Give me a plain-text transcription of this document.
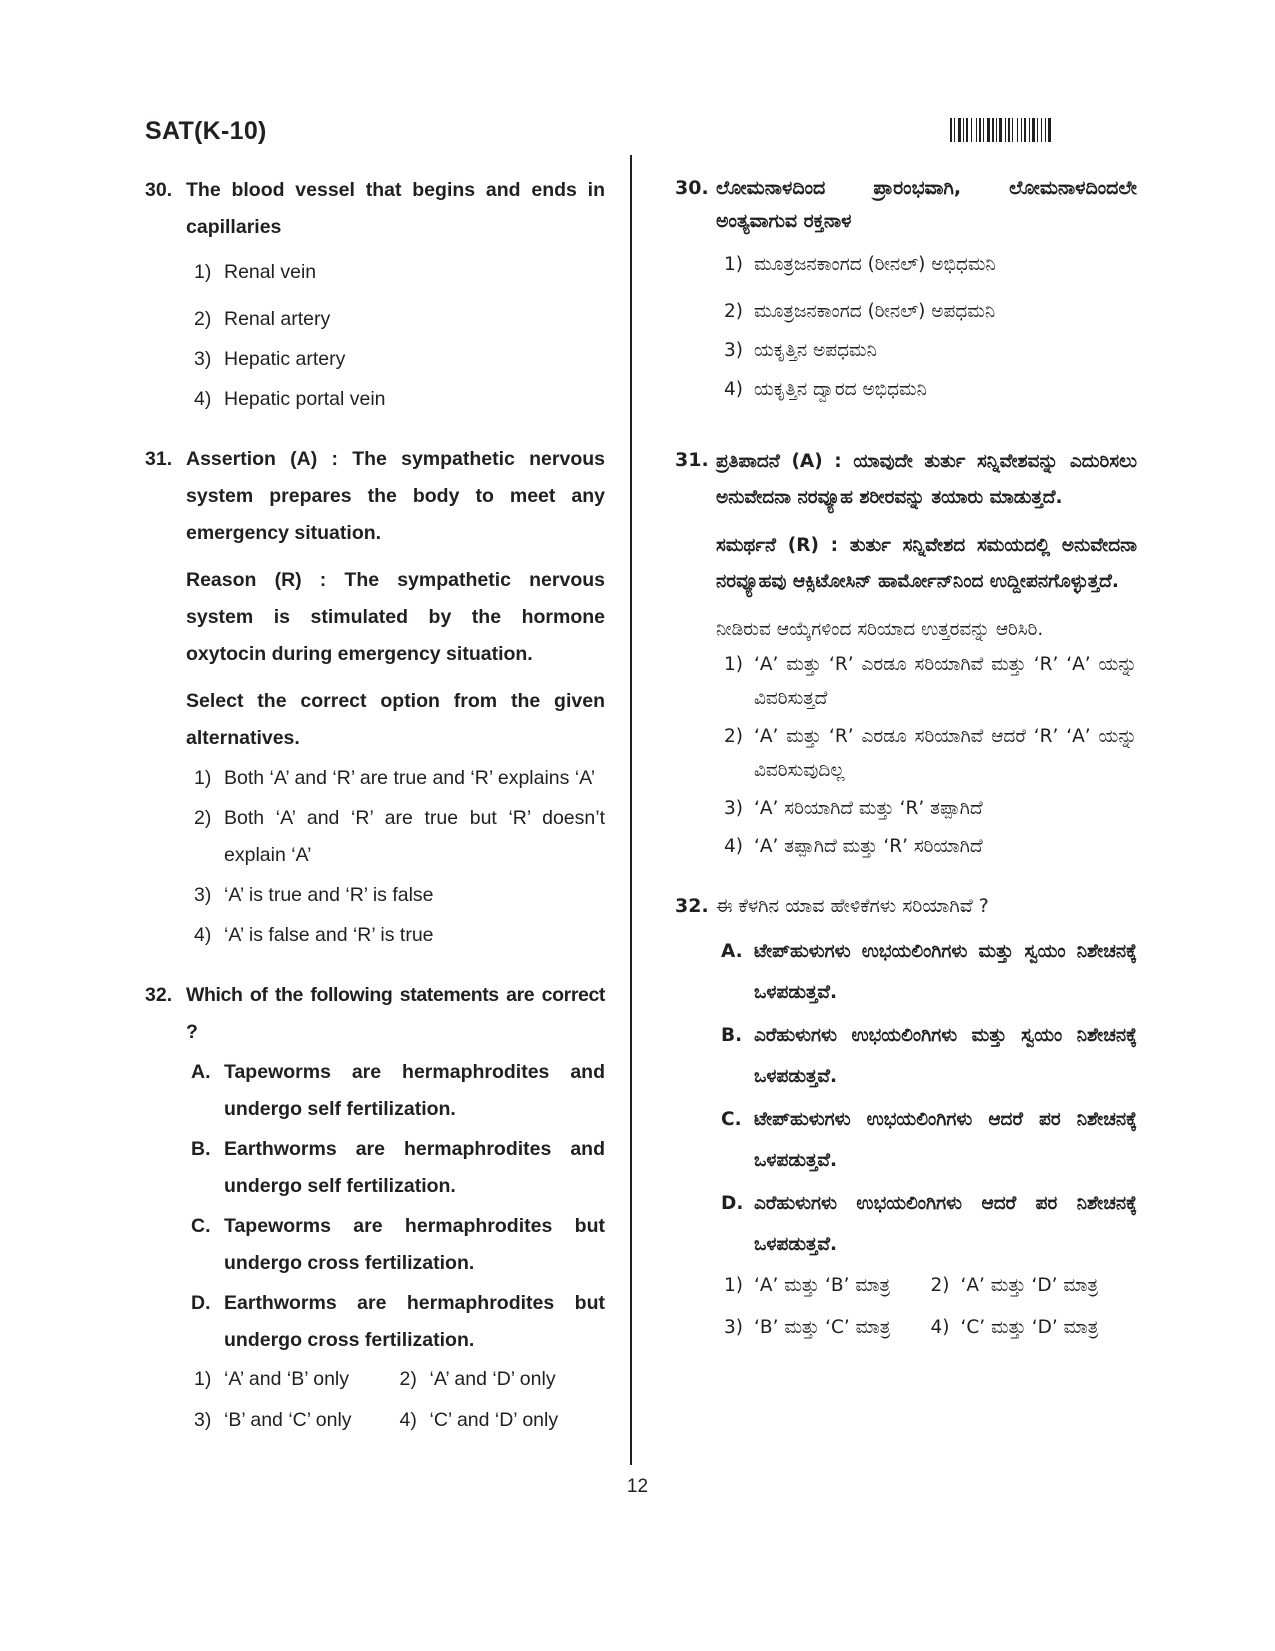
SAT(K-10)
30. The blood vessel that begins and ends in capillaries
1) Renal vein
2) Renal artery
3) Hepatic artery
4) Hepatic portal vein
31. Assertion (A) : The sympathetic nervous system prepares the body to meet any emergency situation.
Reason (R) : The sympathetic nervous system is stimulated by the hormone oxytocin during emergency situation.
Select the correct option from the given alternatives.
1) Both ‘A’ and ‘R’ are true and ‘R’ explains ‘A’
2) Both ‘A’ and ‘R’ are true but ‘R’ doesn’t explain ‘A’
3) ‘A’ is true and ‘R’ is false
4) ‘A’ is false and ‘R’ is true
32. Which of the following statements are correct ?
A. Tapeworms are hermaphrodites and undergo self fertilization.
B. Earthworms are hermaphrodites and undergo self fertilization.
C. Tapeworms are hermaphrodites but undergo cross fertilization.
D. Earthworms are hermaphrodites but undergo cross fertilization.
1) ‘A’ and ‘B’ only	2) ‘A’ and ‘D’ only
3) ‘B’ and ‘C’ only	4) ‘C’ and ‘D’ only
30. ಲೋಮನಾಳದಿಂದ ಪ್ರಾರಂಭವಾಗಿ, ಲೋಮನಾಳದಿಂದಲೇ ಅಂತ್ಯವಾಗುವ ರಕ್ತನಾಳ
1) ಮೂತ್ರಜನಕಾಂಗದ (ರೀನಲ್) ಅಭಿಧಮನಿ
2) ಮೂತ್ರಜನಕಾಂಗದ (ರೀನಲ್) ಅಪಧಮನಿ
3) ಯಕೃತ್ತಿನ ಅಪಧಮನಿ
4) ಯಕೃತ್ತಿನ ದ್ವಾರದ ಅಭಿಧಮನಿ
31. ಪ್ರತಿಪಾದನೆ (A) : ಯಾವುದೇ ತುರ್ತು ಸನ್ನಿವೇಶವನ್ನು ಎದುರಿಸಲು ಅನುವೇದನಾ ನರವ್ಯೂಹ ಶರೀರವನ್ನು ತಯಾರು ಮಾಡುತ್ತದೆ.
ಸಮರ್ಥನೆ (R) : ತುರ್ತು ಸನ್ನಿವೇಶದ ಸಮಯದಲ್ಲಿ ಅನುವೇದನಾ ನರವ್ಯೂಹವು ಆಕ್ಸಿಟೋಸಿನ್ ಹಾರ್ಮೋನ್‌ನಿಂದ ಉದ್ದೀಪನಗೊಳ್ಳುತ್ತದೆ.
ನೀಡಿರುವ ಆಯ್ಕೆಗಳಿಂದ ಸರಿಯಾದ ಉತ್ತರವನ್ನು ಆರಿಸಿರಿ.
1) ‘A’ ಮತ್ತು ‘R’ ಎರಡೂ ಸರಿಯಾಗಿವೆ ಮತ್ತು ‘R’ ‘A’ ಯನ್ನು ವಿವರಿಸುತ್ತದೆ
2) ‘A’ ಮತ್ತು ‘R’ ಎರಡೂ ಸರಿಯಾಗಿವೆ ಆದರೆ ‘R’ ‘A’ ಯನ್ನು ವಿವರಿಸುವುದಿಲ್ಲ
3) ‘A’ ಸರಿಯಾಗಿದೆ ಮತ್ತು ‘R’ ತಪ್ಪಾಗಿದೆ
4) ‘A’ ತಪ್ಪಾಗಿದೆ ಮತ್ತು ‘R’ ಸರಿಯಾಗಿದೆ
32. ಈ ಕೆಳಗಿನ ಯಾವ ಹೇಳಿಕೆಗಳು ಸರಿಯಾಗಿವೆ ?
A. ಟೇಪ್‌ಹುಳುಗಳು ಉಭಯಲಿಂಗಿಗಳು ಮತ್ತು ಸ್ವಯಂ ನಿಶೇಚನಕ್ಕೆ ಒಳಪಡುತ್ತವೆ.
B. ಎರೆಹುಳುಗಳು ಉಭಯಲಿಂಗಿಗಳು ಮತ್ತು ಸ್ವಯಂ ನಿಶೇಚನಕ್ಕೆ ಒಳಪಡುತ್ತವೆ.
C. ಟೇಪ್‌ಹುಳುಗಳು ಉಭಯಲಿಂಗಿಗಳು ಆದರೆ ಪರ ನಿಶೇಚನಕ್ಕೆ ಒಳಪಡುತ್ತವೆ.
D. ಎರೆಹುಳುಗಳು ಉಭಯಲಿಂಗಿಗಳು ಆದರೆ ಪರ ನಿಶೇಚನಕ್ಕೆ ಒಳಪಡುತ್ತವೆ.
1) ‘A’ ಮತ್ತು ‘B’ ಮಾತ್ರ	2) ‘A’ ಮತ್ತು ‘D’ ಮಾತ್ರ
3) ‘B’ ಮತ್ತು ‘C’ ಮಾತ್ರ	4) ‘C’ ಮತ್ತು ‘D’ ಮಾತ್ರ
12
